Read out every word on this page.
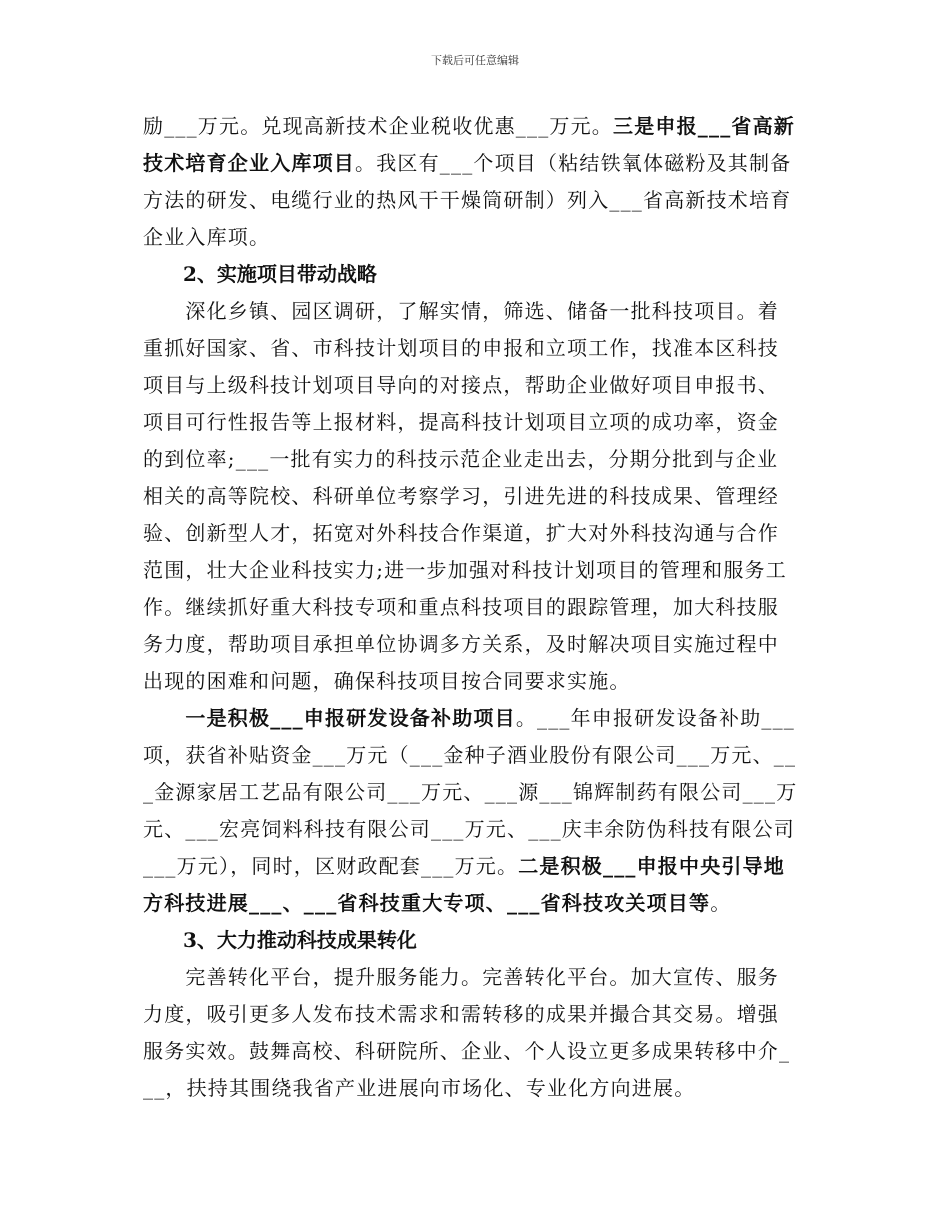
下载后可任意编辑
励___万元。兑现高新技术企业税收优惠___万元。三是申报___省高新
技术培育企业入库项目。我区有___个项目（粘结铁氧体磁粉及其制备
方法的研发、电缆行业的热风干干燥筒研制）列入___省高新技术培育
企业入库项。
2、实施项目带动战略
　　深化乡镇、园区调研，了解实情，筛选、储备一批科技项目。着
重抓好国家、省、市科技计划项目的申报和立项工作，找准本区科技
项目与上级科技计划项目导向的对接点，帮助企业做好项目申报书、
项目可行性报告等上报材料，提高科技计划项目立项的成功率，资金
的到位率;___一批有实力的科技示范企业走出去，分期分批到与企业
相关的高等院校、科研单位考察学习，引进先进的科技成果、管理经
验、创新型人才，拓宽对外科技合作渠道，扩大对外科技沟通与合作
范围，壮大企业科技实力;进一步加强对科技计划项目的管理和服务工
作。继续抓好重大科技专项和重点科技项目的跟踪管理，加大科技服
务力度，帮助项目承担单位协调多方关系，及时解决项目实施过程中
出现的困难和问题，确保科技项目按合同要求实施。
　　一是积极___申报研发设备补助项目。___年申报研发设备补助___
项，获省补贴资金___万元（___金种子酒业股份有限公司___万元、__
_金源家居工艺品有限公司___万元、___源___锦辉制药有限公司___万
元、___宏亮饲料科技有限公司___万元、___庆丰余防伪科技有限公司
___万元），同时，区财政配套___万元。二是积极___申报中央引导地
方科技进展___、___省科技重大专项、___省科技攻关项目等。
3、大力推动科技成果转化
　　完善转化平台，提升服务能力。完善转化平台。加大宣传、服务
力度，吸引更多人发布技术需求和需转移的成果并撮合其交易。增强
服务实效。鼓舞高校、科研院所、企业、个人设立更多成果转移中介_
__，扶持其围绕我省产业进展向市场化、专业化方向进展。
